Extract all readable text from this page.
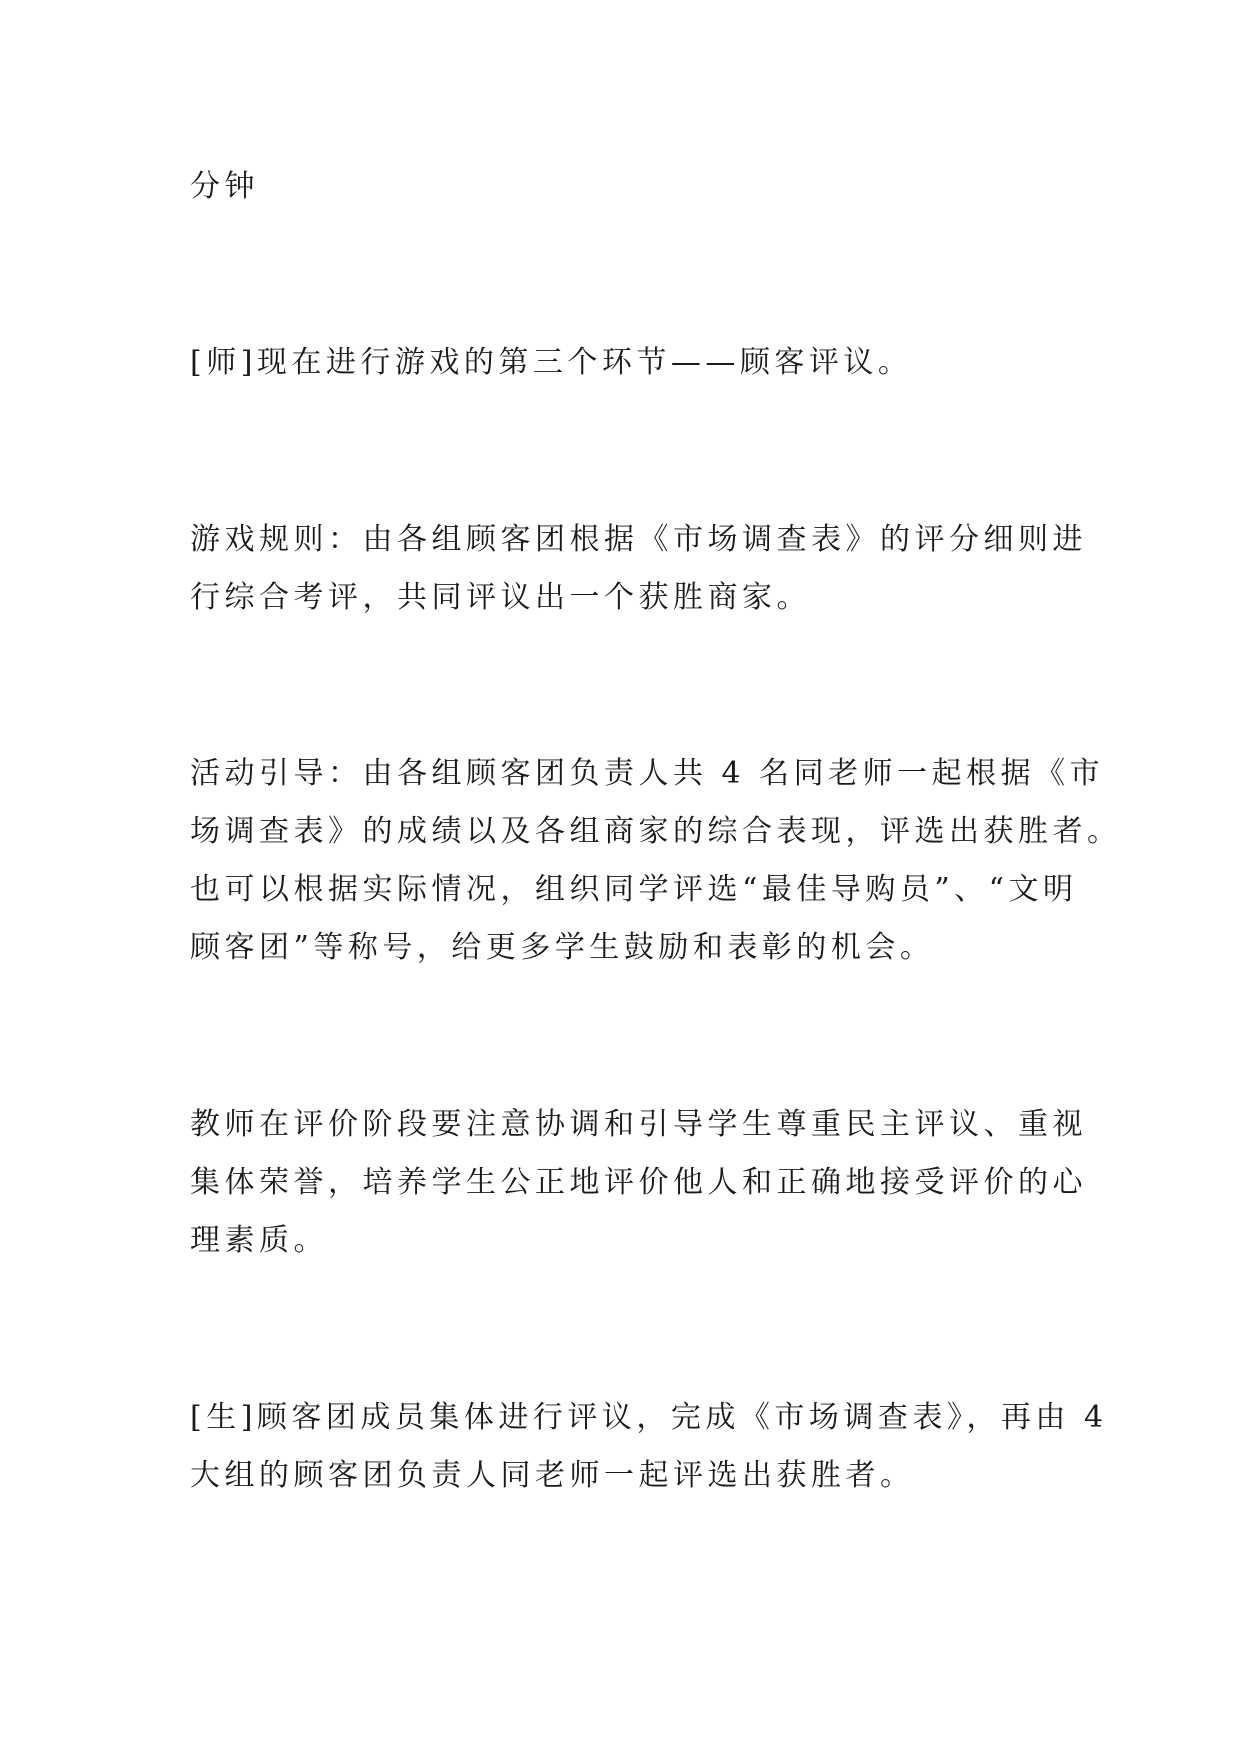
分钟

[师]现在进行游戏的第三个环节——顾客评议。

游戏规则：由各组顾客团根据《市场调查表》的评分细则进
行综合考评，共同评议出一个获胜商家。

活动引导：由各组顾客团负责人共 4 名同老师一起根据《市
场调查表》的成绩以及各组商家的综合表现，评选出获胜者。
也可以根据实际情况，组织同学评选“最佳导购员”、“文明
顾客团”等称号，给更多学生鼓励和表彰的机会。

教师在评价阶段要注意协调和引导学生尊重民主评议、重视
集体荣誉，培养学生公正地评价他人和正确地接受评价的心
理素质。

[生]顾客团成员集体进行评议，完成《市场调查表》，再由 4
大组的顾客团负责人同老师一起评选出获胜者。
